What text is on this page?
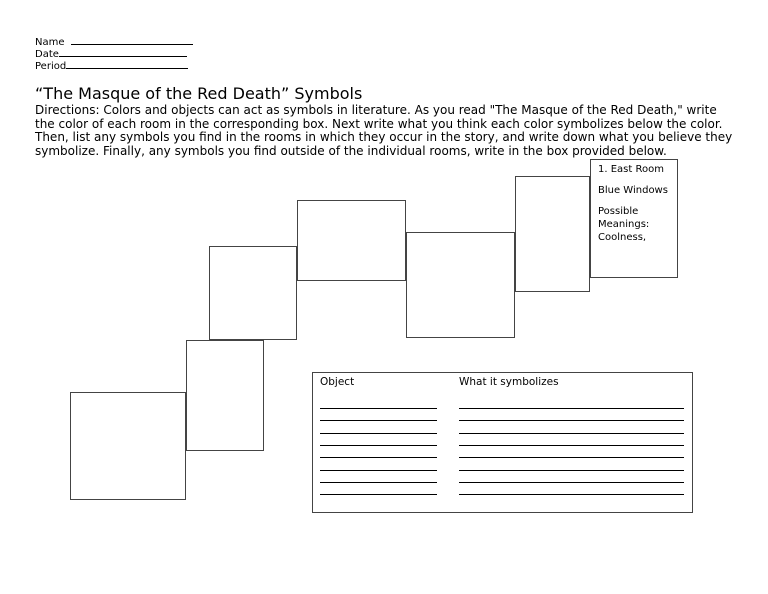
Name
Date
Period
“The Masque of the Red Death” Symbols
Directions: Colors and objects can act as symbols in literature. As you read "The Masque of the Red Death," write the color of each room in the corresponding box. Next write what you think each color symbolizes below the color. Then, list any symbols you find in the rooms in which they occur in the story, and write down what you believe they symbolize. Finally, any symbols you find outside of the individual rooms, write in the box provided below.

1. East Room

Blue Windows

Possible Meanings:

Coolness,

Object	What it symbolizes
